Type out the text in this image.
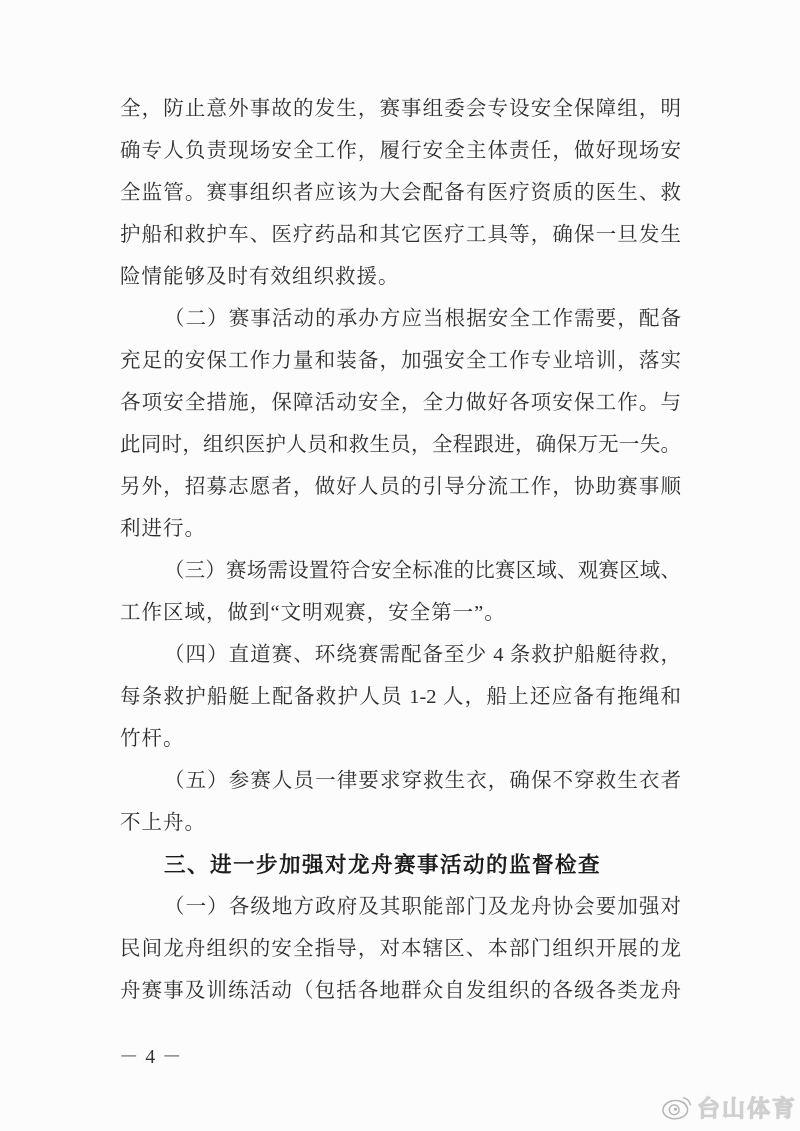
全，防止意外事故的发生，赛事组委会专设安全保障组，明
确专人负责现场安全工作，履行安全主体责任，做好现场安
全监管。赛事组织者应该为大会配备有医疗资质的医生、救
护船和救护车、医疗药品和其它医疗工具等，确保一旦发生
险情能够及时有效组织救援。
（二）赛事活动的承办方应当根据安全工作需要，配备
充足的安保工作力量和装备，加强安全工作专业培训，落实
各项安全措施，保障活动安全，全力做好各项安保工作。与
此同时，组织医护人员和救生员，全程跟进，确保万无一失。
另外，招募志愿者，做好人员的引导分流工作，协助赛事顺
利进行。
（三）赛场需设置符合安全标准的比赛区域、观赛区域、
工作区域，做到“文明观赛，安全第一”。
（四）直道赛、环绕赛需配备至少 4 条救护船艇待救，
每条救护船艇上配备救护人员 1-2 人，船上还应备有拖绳和
竹杆。
（五）参赛人员一律要求穿救生衣，确保不穿救生衣者
不上舟。
三、进一步加强对龙舟赛事活动的监督检查
（一）各级地方政府及其职能部门及龙舟协会要加强对
民间龙舟组织的安全指导，对本辖区、本部门组织开展的龙
舟赛事及训练活动（包括各地群众自发组织的各级各类龙舟
－ 4 －
台山体育
